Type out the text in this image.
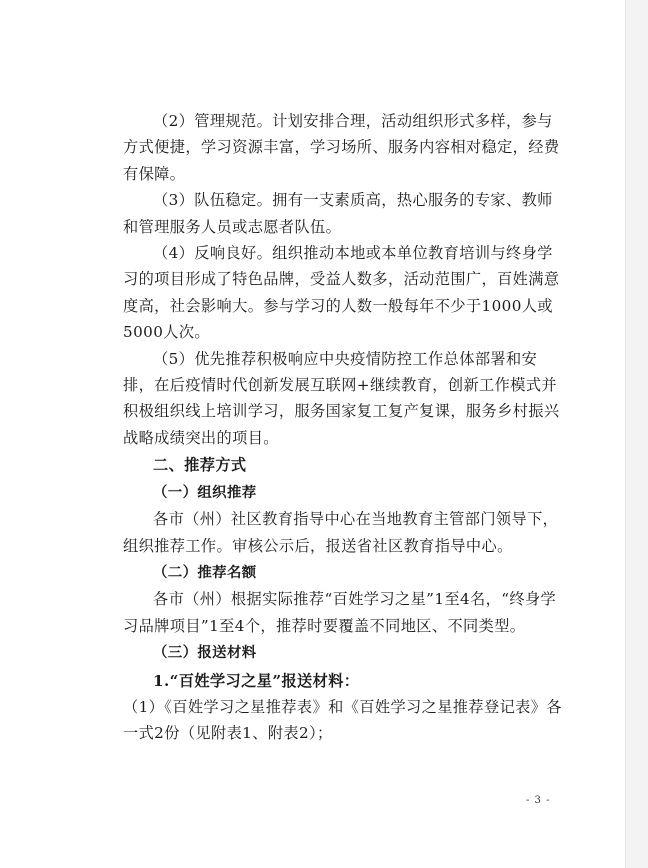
（2）管理规范。计划安排合理，活动组织形式多样，参与方式便捷，学习资源丰富，学习场所、服务内容相对稳定，经费有保障。

（3）队伍稳定。拥有一支素质高，热心服务的专家、教师和管理服务人员或志愿者队伍。

（4）反响良好。组织推动本地或本单位教育培训与终身学习的项目形成了特色品牌，受益人数多，活动范围广，百姓满意度高，社会影响大。参与学习的人数一般每年不少于1000人或5000人次。

（5）优先推荐积极响应中央疫情防控工作总体部署和安排，在后疫情时代创新发展互联网+继续教育，创新工作模式并积极组织线上培训学习，服务国家复工复产复课，服务乡村振兴战略成绩突出的项目。

二、推荐方式

（一）组织推荐

各市（州）社区教育指导中心在当地教育主管部门领导下，组织推荐工作。审核公示后，报送省社区教育指导中心。

（二）推荐名额

各市（州）根据实际推荐“百姓学习之星”1至4名，“终身学习品牌项目”1至4个，推荐时要覆盖不同地区、不同类型。

（三）报送材料

1.“百姓学习之星”报送材料：

（1）《百姓学习之星推荐表》和《百姓学习之星推荐登记表》各一式2份（见附表1、附表2）；

- 3 -
